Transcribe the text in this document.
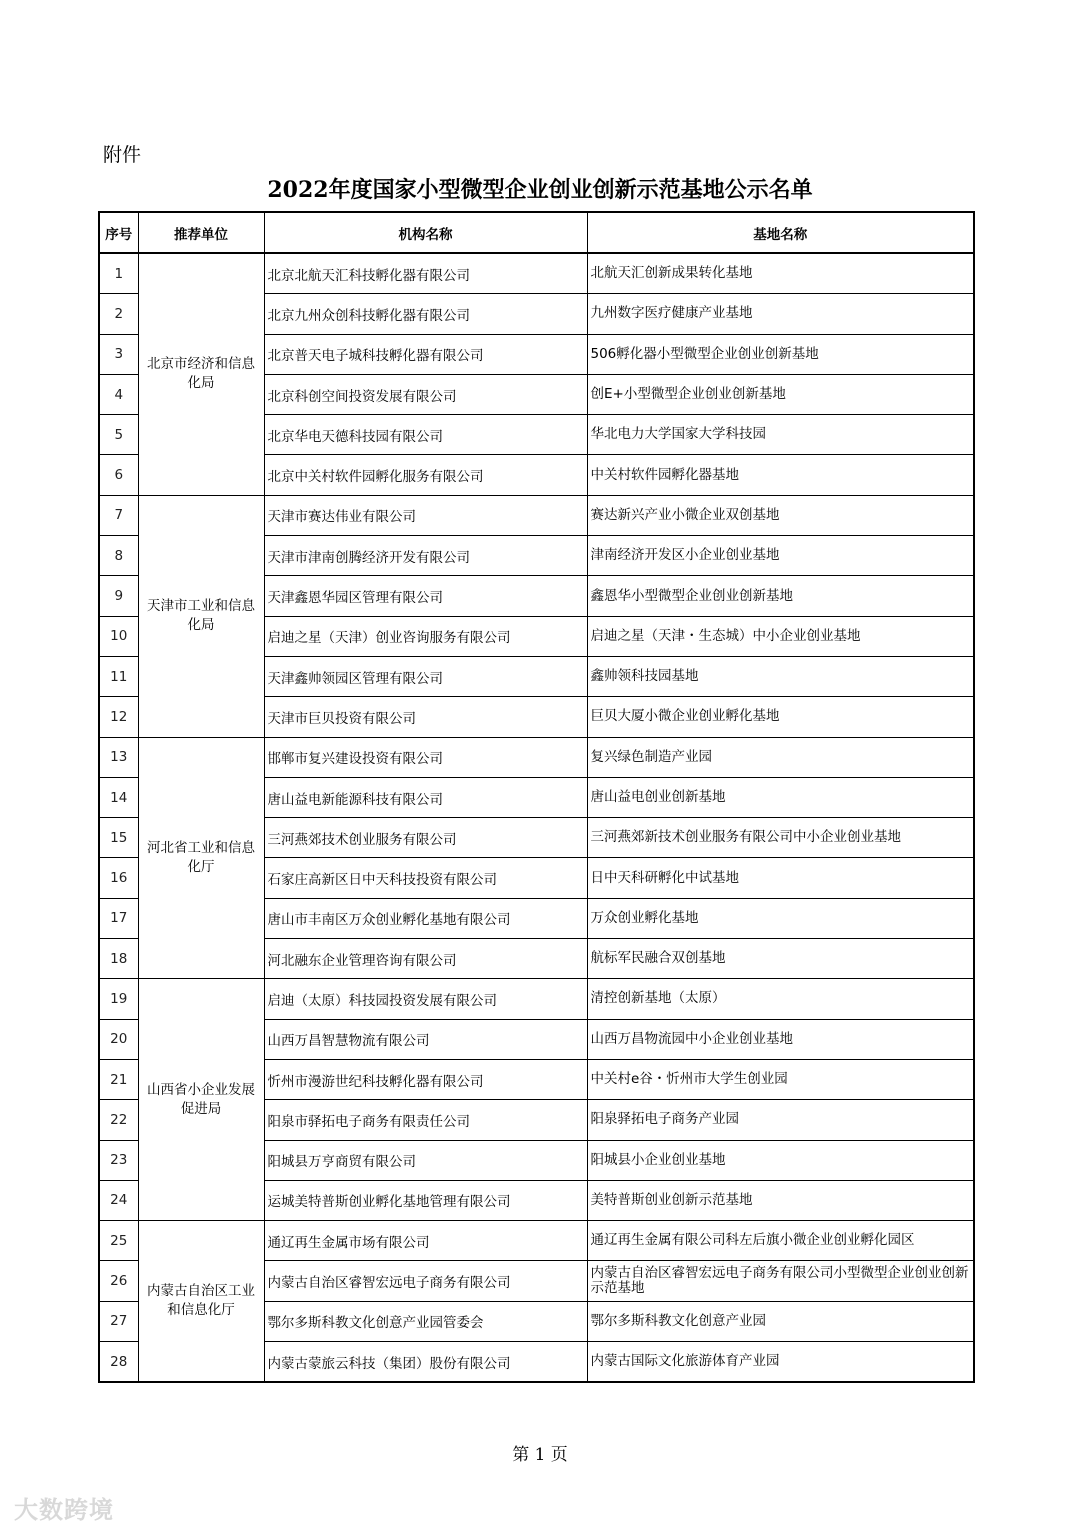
附件
2022年度国家小型微型企业创业创新示范基地公示名单
序号	推荐单位	机构名称	基地名称
1	北京市经济和信息化局	北京北航天汇科技孵化器有限公司	北航天汇创新成果转化基地
2		北京九州众创科技孵化器有限公司	九州数字医疗健康产业基地
3		北京普天电子城科技孵化器有限公司	506孵化器小型微型企业创业创新基地
4		北京科创空间投资发展有限公司	创E+小型微型企业创业创新基地
5		北京华电天德科技园有限公司	华北电力大学国家大学科技园
6		北京中关村软件园孵化服务有限公司	中关村软件园孵化器基地
7	天津市工业和信息化局	天津市赛达伟业有限公司	赛达新兴产业小微企业双创基地
8		天津市津南创腾经济开发有限公司	津南经济开发区小企业创业基地
9		天津鑫恩华园区管理有限公司	鑫恩华小型微型企业创业创新基地
10		启迪之星（天津）创业咨询服务有限公司	启迪之星（天津・生态城）中小企业创业基地
11		天津鑫帅领园区管理有限公司	鑫帅领科技园基地
12		天津市巨贝投资有限公司	巨贝大厦小微企业创业孵化基地
13	河北省工业和信息化厅	邯郸市复兴建设投资有限公司	复兴绿色制造产业园
14		唐山益电新能源科技有限公司	唐山益电创业创新基地
15		三河燕郊技术创业服务有限公司	三河燕郊新技术创业服务有限公司中小企业创业基地
16		石家庄高新区日中天科技投资有限公司	日中天科研孵化中试基地
17		唐山市丰南区万众创业孵化基地有限公司	万众创业孵化基地
18		河北融东企业管理咨询有限公司	航标军民融合双创基地
19	山西省小企业发展促进局	启迪（太原）科技园投资发展有限公司	清控创新基地（太原）
20		山西万昌智慧物流有限公司	山西万昌物流园中小企业创业基地
21		忻州市漫游世纪科技孵化器有限公司	中关村e谷・忻州市大学生创业园
22		阳泉市驿拓电子商务有限责任公司	阳泉驿拓电子商务产业园
23		阳城县万亨商贸有限公司	阳城县小企业创业基地
24		运城美特普斯创业孵化基地管理有限公司	美特普斯创业创新示范基地
25	内蒙古自治区工业和信息化厅	通辽再生金属市场有限公司	通辽再生金属有限公司科左后旗小微企业创业孵化园区
26		内蒙古自治区睿智宏远电子商务有限公司	内蒙古自治区睿智宏远电子商务有限公司小型微型企业创业创新示范基地
27		鄂尔多斯科教文化创意产业园管委会	鄂尔多斯科教文化创意产业园
28		内蒙古蒙旅云科技（集团）股份有限公司	内蒙古国际文化旅游体育产业园
第 1 页
大数跨境
